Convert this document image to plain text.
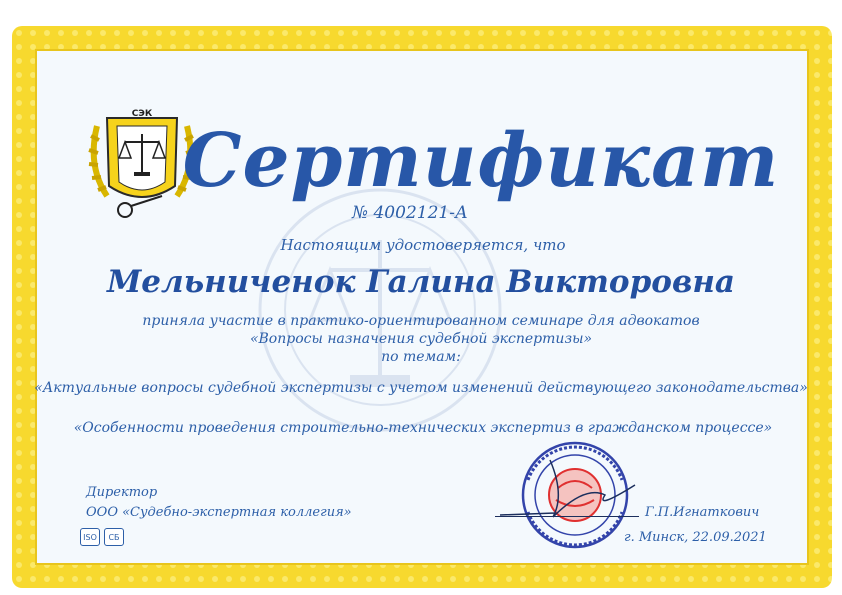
СЭК
Сертификат
№ 4002121-А
Настоящим удостоверяется, что
Мельниченок Галина Викторовна
приняла участие в практико-ориентированном семинаре для адвокатов
«Вопросы назначения судебной экспертизы»
по темам:
«Актуальные вопросы судебной экспертизы с учетом изменений действующего законодательства»
«Особенности проведения строительно-технических экспертиз в гражданском процессе»
Директор
ООО «Судебно-экспертная коллегия»	Г.П.Игнаткович
г. Минск, 22.09.2021
ISO	СБ
